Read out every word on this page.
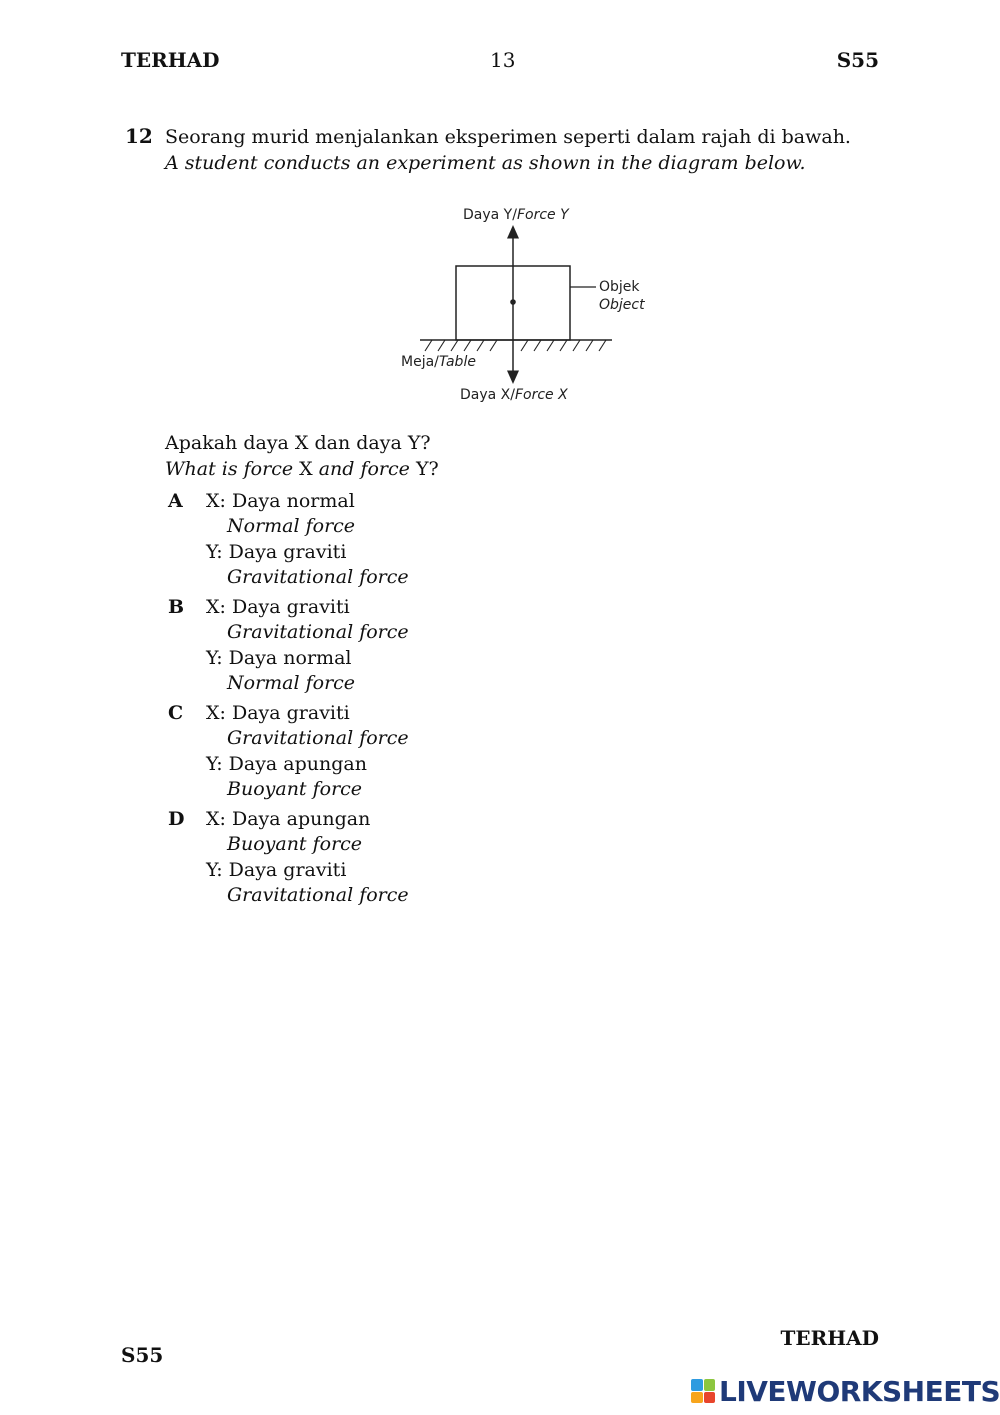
TERHAD	13	S55
12 Seorang murid menjalankan eksperimen seperti dalam rajah di bawah.
A student conducts an experiment as shown in the diagram below.
Daya Y/Force Y
Objek
Object
Meja/Table
Daya X/Force X
Apakah daya X dan daya Y?
What is force X and force Y?
A X: Daya normal
Normal force
Y: Daya graviti
Gravitational force
B X: Daya graviti
Gravitational force
Y: Daya normal
Normal force
C X: Daya graviti
Gravitational force
Y: Daya apungan
Buoyant force
D X: Daya apungan
Buoyant force
Y: Daya graviti
Gravitational force
TERHAD
S55
LIVEWORKSHEETS
